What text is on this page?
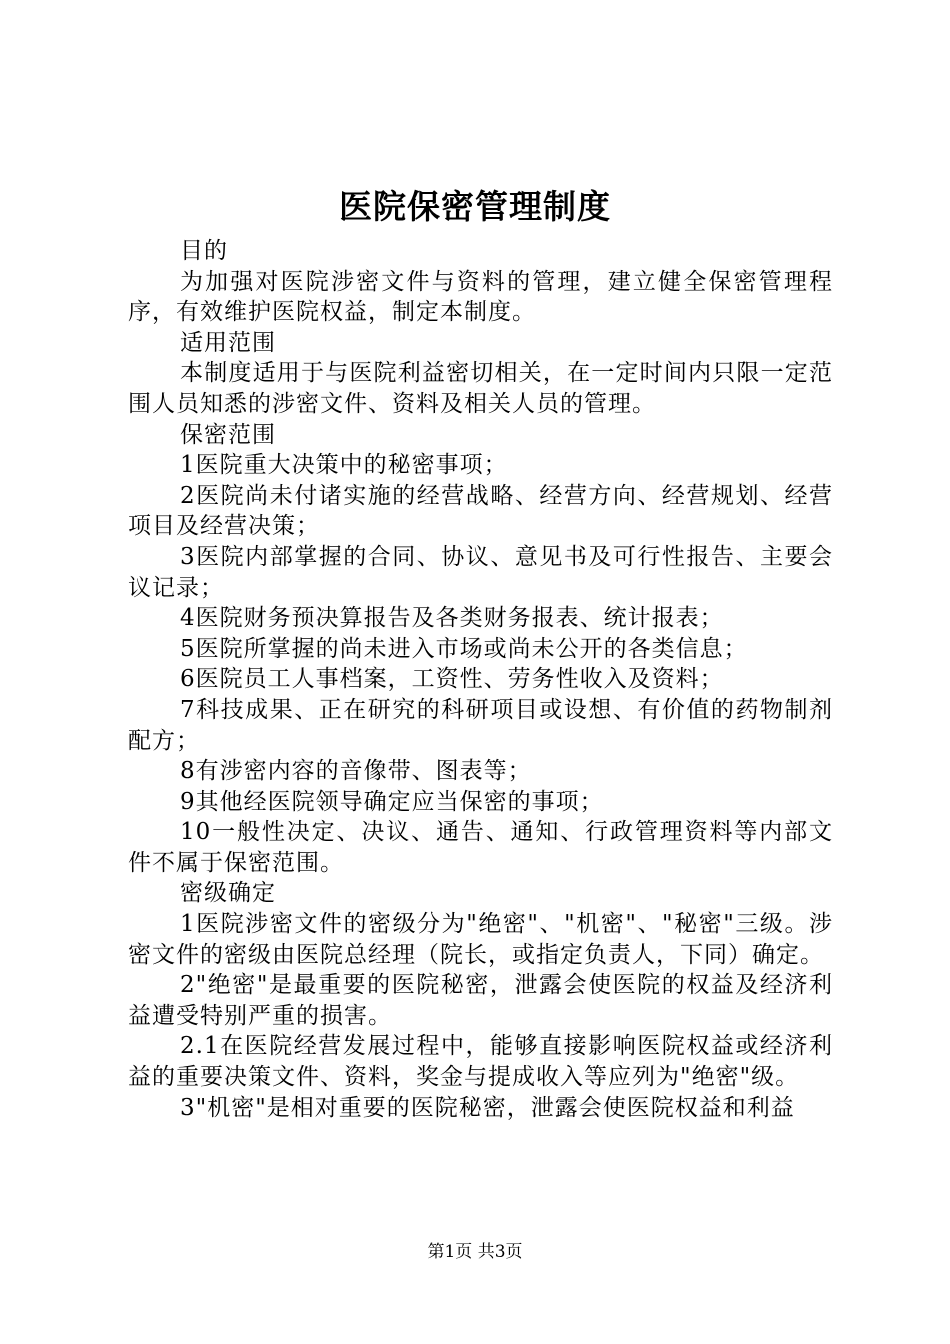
医院保密管理制度

目的

为加强对医院涉密文件与资料的管理，建立健全保密管理程序，有效维护医院权益，制定本制度。

适用范围

本制度适用于与医院利益密切相关，在一定时间内只限一定范围人员知悉的涉密文件、资料及相关人员的管理。

保密范围

1医院重大决策中的秘密事项；

2医院尚未付诸实施的经营战略、经营方向、经营规划、经营项目及经营决策；

3医院内部掌握的合同、协议、意见书及可行性报告、主要会议记录；

4医院财务预决算报告及各类财务报表、统计报表；

5医院所掌握的尚未进入市场或尚未公开的各类信息；

6医院员工人事档案，工资性、劳务性收入及资料；

7科技成果、正在研究的科研项目或设想、有价值的药物制剂配方；

8有涉密内容的音像带、图表等；

9其他经医院领导确定应当保密的事项；

10一般性决定、决议、通告、通知、行政管理资料等内部文件不属于保密范围。

密级确定

1医院涉密文件的密级分为"绝密"、"机密"、"秘密"三级。涉密文件的密级由医院总经理（院长，或指定负责人，下同）确定。

2"绝密"是最重要的医院秘密，泄露会使医院的权益及经济利益遭受特别严重的损害。

2.1在医院经营发展过程中，能够直接影响医院权益或经济利益的重要决策文件、资料，奖金与提成收入等应列为"绝密"级。

3"机密"是相对重要的医院秘密，泄露会使医院权益和利益

第1页 共3页
